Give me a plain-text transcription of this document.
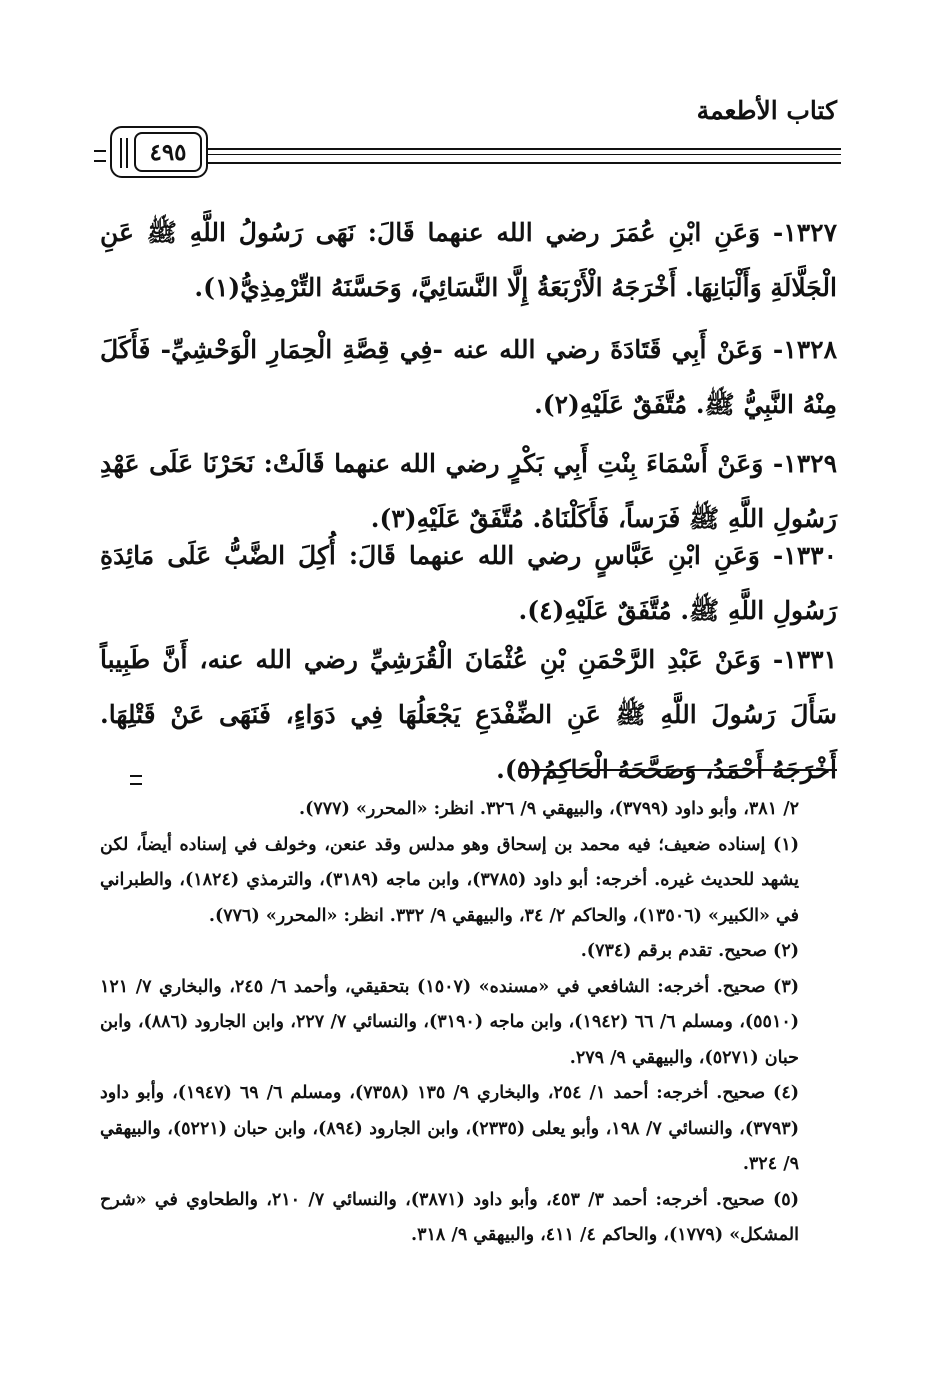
كتاب الأطعمة
٤٩٥
١٣٢٧- وَعَنِ ابْنِ عُمَرَ رضي الله عنهما قَالَ: نَهَى رَسُولُ اللَّهِ ﷺ عَنِ الْجَلَّالَةِ وَأَلْبَانِهَا. أَخْرَجَهُ الْأَرْبَعَةُ إِلَّا النَّسَائِيَّ، وَحَسَّنَهُ التِّرْمِذِيُّ(١).
١٣٢٨- وَعَنْ أَبِي قَتَادَةَ رضي الله عنه -فِي قِصَّةِ الْحِمَارِ الْوَحْشِيِّ- فَأَكَلَ مِنْهُ النَّبِيُّ ﷺ. مُتَّفَقٌ عَلَيْهِ(٢).
١٣٢٩- وَعَنْ أَسْمَاءَ بِنْتِ أَبِي بَكْرٍ رضي الله عنهما قَالَتْ: نَحَرْنَا عَلَى عَهْدِ رَسُولِ اللَّهِ ﷺ فَرَساً، فَأَكَلْنَاهُ. مُتَّفَقٌ عَلَيْهِ(٣).
١٣٣٠- وَعَنِ ابْنِ عَبَّاسٍ رضي الله عنهما قَالَ: أُكِلَ الضَّبُّ عَلَى مَائِدَةِ رَسُولِ اللَّهِ ﷺ. مُتَّفَقٌ عَلَيْهِ(٤).
١٣٣١- وَعَنْ عَبْدِ الرَّحْمَنِ بْنِ عُثْمَانَ الْقُرَشِيِّ رضي الله عنه، أَنَّ طَبِيباً سَأَلَ رَسُولَ اللَّهِ ﷺ عَنِ الضِّفْدَعِ يَجْعَلُهَا فِي دَوَاءٍ، فَنَهَى عَنْ قَتْلِهَا. أَخْرَجَهُ أَحْمَدُ، وَصَحَّحَهُ الْحَاكِمُ(٥).
٢/ ٣٨١، وأبو داود (٣٧٩٩)، والبيهقي ٩/ ٣٢٦. انظر: «المحرر» (٧٧٧).
(١) إسناده ضعيف؛ فيه محمد بن إسحاق وهو مدلس وقد عنعن، وخولف في إسناده أيضاً، لكن يشهد للحديث غيره. أخرجه: أبو داود (٣٧٨٥)، وابن ماجه (٣١٨٩)، والترمذي (١٨٢٤)، والطبراني في «الكبير» (١٣٥٠٦)، والحاكم ٢/ ٣٤، والبيهقي ٩/ ٣٣٢. انظر: «المحرر» (٧٧٦).
(٢) صحيح. تقدم برقم (٧٣٤).
(٣) صحيح. أخرجه: الشافعي في «مسنده» (١٥٠٧) بتحقيقي، وأحمد ٦/ ٢٤٥، والبخاري ٧/ ١٢١ (٥٥١٠)، ومسلم ٦/ ٦٦ (١٩٤٢)، وابن ماجه (٣١٩٠)، والنسائي ٧/ ٢٢٧، وابن الجارود (٨٨٦)، وابن حبان (٥٢٧١)، والبيهقي ٩/ ٢٧٩.
(٤) صحيح. أخرجه: أحمد ١/ ٢٥٤، والبخاري ٩/ ١٣٥ (٧٣٥٨)، ومسلم ٦/ ٦٩ (١٩٤٧)، وأبو داود (٣٧٩٣)، والنسائي ٧/ ١٩٨، وأبو يعلى (٢٣٣٥)، وابن الجارود (٨٩٤)، وابن حبان (٥٢٢١)، والبيهقي ٩/ ٣٢٤.
(٥) صحيح. أخرجه: أحمد ٣/ ٤٥٣، وأبو داود (٣٨٧١)، والنسائي ٧/ ٢١٠، والطحاوي في «شرح المشكل» (١٧٧٩)، والحاكم ٤/ ٤١١، والبيهقي ٩/ ٣١٨.
